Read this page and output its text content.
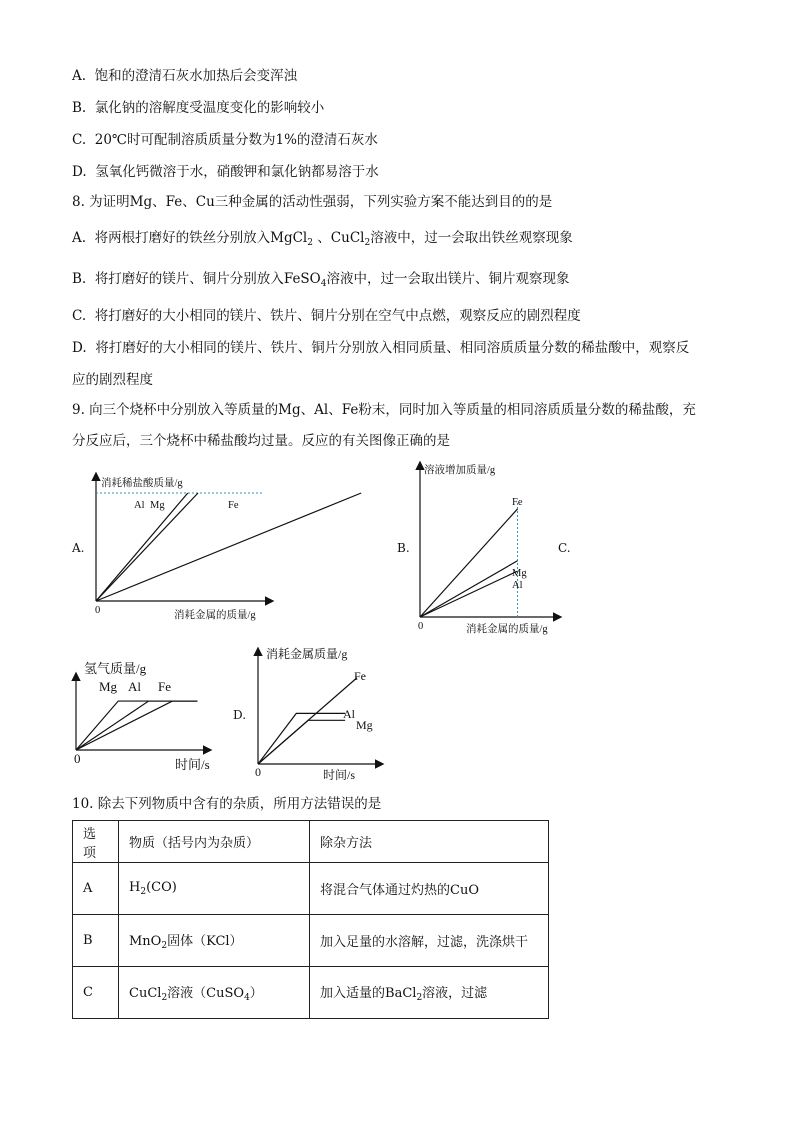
A. 饱和的澄清石灰水加热后会变浑浊
B. 氯化钠的溶解度受温度变化的影响较小
C. 20℃时可配制溶质质量分数为1%的澄清石灰水
D. 氢氧化钙微溶于水，硝酸钾和氯化钠都易溶于水
8. 为证明Mg、Fe、Cu三种金属的活动性强弱，下列实验方案不能达到目的的是
A. 将两根打磨好的铁丝分别放入MgCl$_2$ 、CuCl$_2$溶液中，过一会取出铁丝观察现象
B. 将打磨好的镁片、铜片分别放入FeSO$_4$溶液中，过一会取出镁片、铜片观察现象
C. 将打磨好的大小相同的镁片、铁片、铜片分别在空气中点燃，观察反应的剧烈程度
D. 将打磨好的大小相同的镁片、铁片、铜片分别放入相同质量、相同溶质质量分数的稀盐酸中，观察反
应的剧烈程度
9. 向三个烧杯中分别放入等质量的Mg、Al、Fe粉末，同时加入等质量的相同溶质质量分数的稀盐酸，充
分反应后，三个烧杯中稀盐酸均过量。反应的有关图像正确的是
A.	B.	C.
D.
消耗稀盐酸质量/g
消耗金属的质量/g
0
Al Mg	Fe
溶液增加质量/g
消耗金属的质量/g
0
Fe
Mg
Al
氢气质量/g
时间/s
0
Mg Al Fe
消耗金属质量/g
时间/s
0
Fe
Al
Mg
10. 除去下列物质中含有的杂质，所用方法错误的是
选项	物质（括号内为杂质）	除杂方法
A	$H_2(CO)$	将混合气体通过灼热的CuO
B	MnO$_2$固体（KCl）	加入足量的水溶解，过滤，洗涤烘干
C	CuCl$_2$溶液（CuSO$_4$）	加入适量的BaCl$_2$溶液，过滤
